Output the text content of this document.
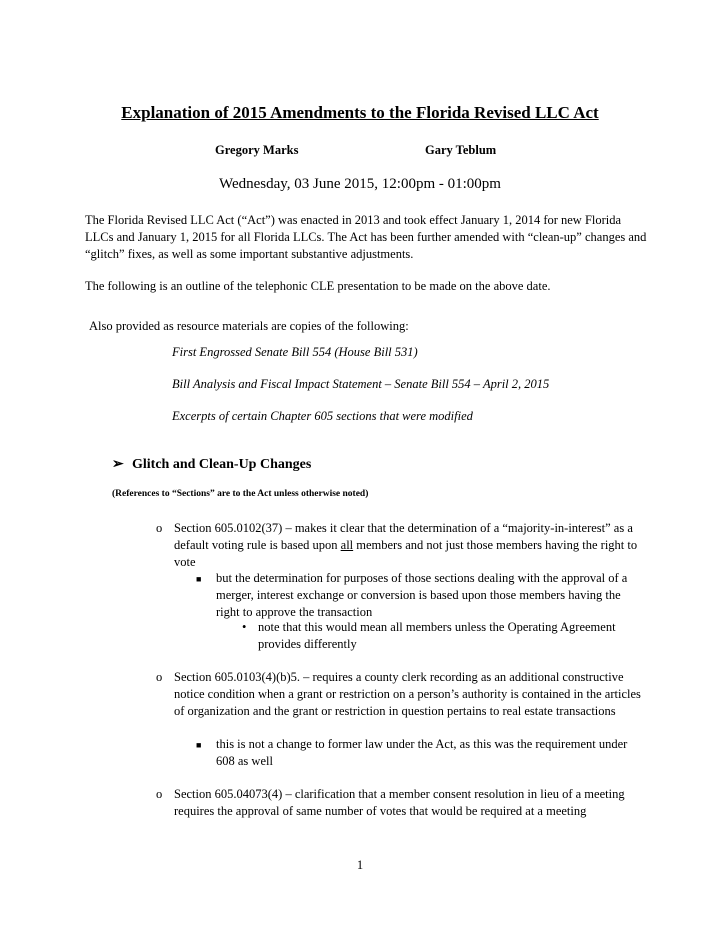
Explanation of 2015 Amendments to the Florida Revised LLC Act
Gregory Marks	Gary Teblum
Wednesday, 03 June 2015, 12:00pm - 01:00pm

The Florida Revised LLC Act (“Act”) was enacted in 2013 and took effect January 1, 2014 for new Florida LLCs and January 1, 2015 for all Florida LLCs. The Act has been further amended with “clean-up” changes and “glitch” fixes, as well as some important substantive adjustments.

The following is an outline of the telephonic CLE presentation to be made on the above date.

Also provided as resource materials are copies of the following:

First Engrossed Senate Bill 554 (House Bill 531)

Bill Analysis and Fiscal Impact Statement – Senate Bill 554 – April 2, 2015

Excerpts of certain Chapter 605 sections that were modified

➢ Glitch and Clean-Up Changes
(References to “Sections” are to the Act unless otherwise noted)
o Section 605.0102(37) – makes it clear that the determination of a “majority-in-interest” as a default voting rule is based upon all members and not just those members having the right to vote
■ but the determination for purposes of those sections dealing with the approval of a merger, interest exchange or conversion is based upon those members having the right to approve the transaction
• note that this would mean all members unless the Operating Agreement provides differently
o Section 605.0103(4)(b)5. – requires a county clerk recording as an additional constructive notice condition when a grant or restriction on a person’s authority is contained in the articles of organization and the grant or restriction in question pertains to real estate transactions
■ this is not a change to former law under the Act, as this was the requirement under 608 as well
o Section 605.04073(4) – clarification that a member consent resolution in lieu of a meeting requires the approval of same number of votes that would be required at a meeting
1
